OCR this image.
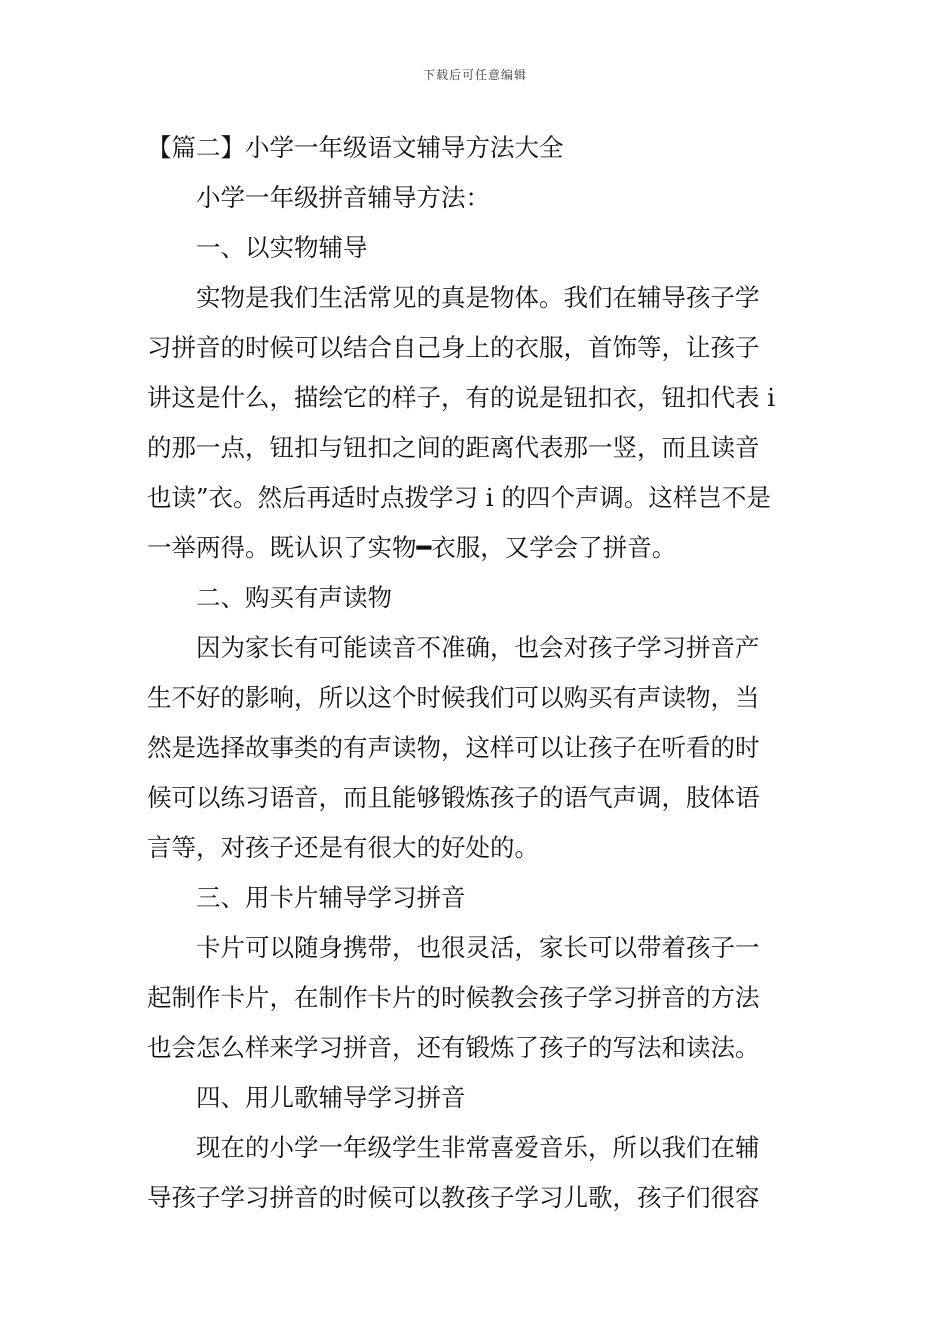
下载后可任意编辑
【篇二】小学一年级语文辅导方法大全
小学一年级拼音辅导方法：
一、以实物辅导
实物是我们生活常见的真是物体。我们在辅导孩子学
习拼音的时候可以结合自己身上的衣服，首饰等，让孩子
讲这是什么，描绘它的样子，有的说是钮扣衣，钮扣代表 i
的那一点，钮扣与钮扣之间的距离代表那一竖，而且读音
也读”衣。然后再适时点拨学习 i 的四个声调。这样岂不是
一举两得。既认识了实物━衣服，又学会了拼音。
二、购买有声读物
因为家长有可能读音不准确，也会对孩子学习拼音产
生不好的影响，所以这个时候我们可以购买有声读物，当
然是选择故事类的有声读物，这样可以让孩子在听看的时
候可以练习语音，而且能够锻炼孩子的语气声调，肢体语
言等，对孩子还是有很大的好处的。
三、用卡片辅导学习拼音
卡片可以随身携带，也很灵活，家长可以带着孩子一
起制作卡片，在制作卡片的时候教会孩子学习拼音的方法
也会怎么样来学习拼音，还有锻炼了孩子的写法和读法。
四、用儿歌辅导学习拼音
现在的小学一年级学生非常喜爱音乐，所以我们在辅
导孩子学习拼音的时候可以教孩子学习儿歌，孩子们很容
